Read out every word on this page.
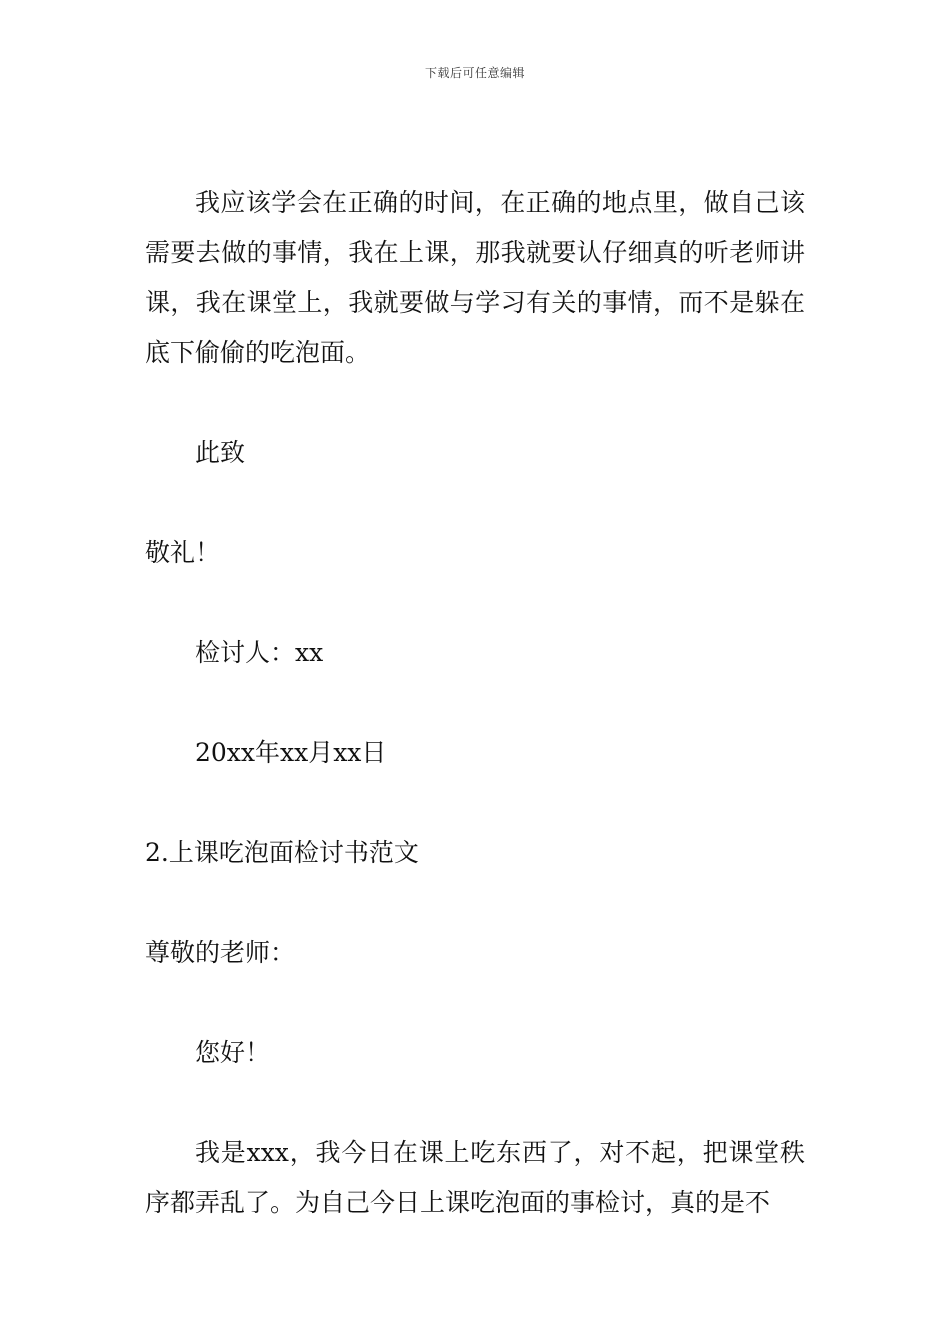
下载后可任意编辑

我应该学会在正确的时间，在正确的地点里，做自己该需要去做的事情，我在上课，那我就要认仔细真的听老师讲课，我在课堂上，我就要做与学习有关的事情，而不是躲在底下偷偷的吃泡面。

此致

敬礼！

检讨人：xx

20xx年xx月xx日

2.上课吃泡面检讨书范文

尊敬的老师：

您好！

我是xxx，我今日在课上吃东西了，对不起，把课堂秩序都弄乱了。为自己今日上课吃泡面的事检讨，真的是不
